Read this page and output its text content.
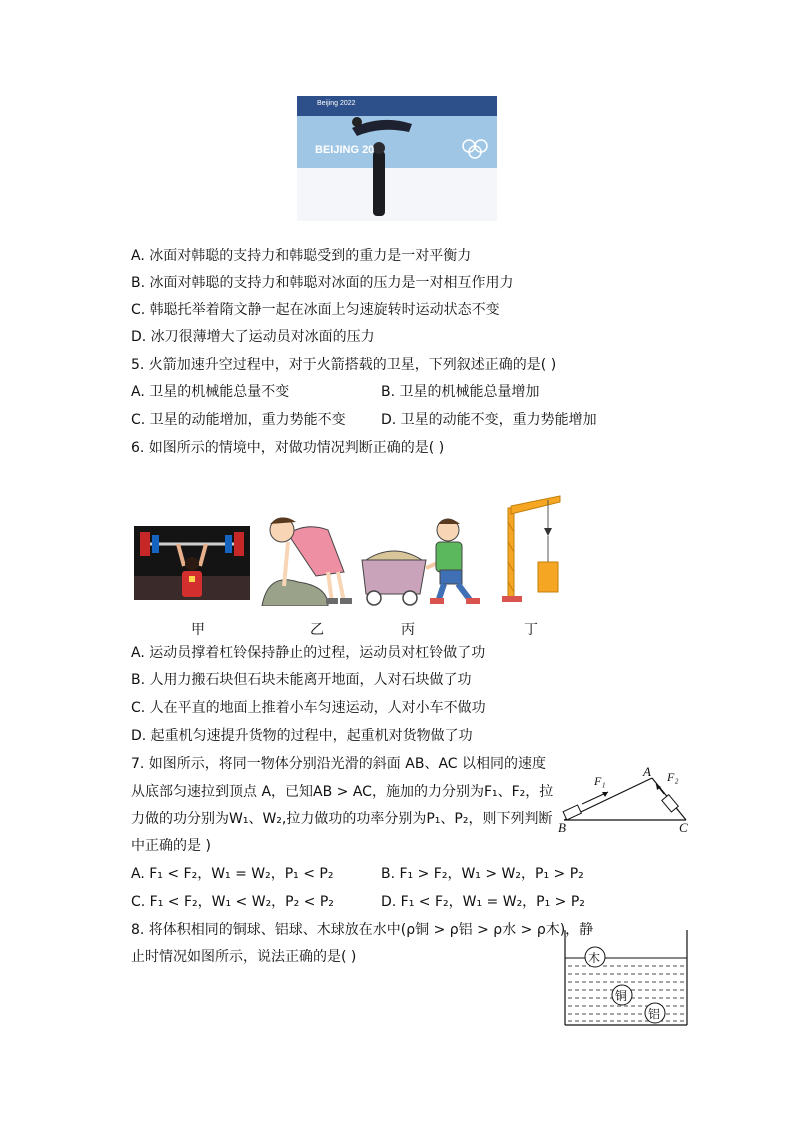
BEIJING 20
Beijing 2022
A. 冰面对韩聪的支持力和韩聪受到的重力是一对平衡力
B. 冰面对韩聪的支持力和韩聪对冰面的压力是一对相互作用力
C. 韩聪托举着隋文静一起在冰面上匀速旋转时运动状态不变
D. 冰刀很薄增大了运动员对冰面的压力
5. 火箭加速升空过程中，对于火箭搭载的卫星，下列叙述正确的是( )
A. 卫星的机械能总量不变	B. 卫星的机械能总量增加
C. 卫星的动能增加，重力势能不变	D. 卫星的动能不变，重力势能增加
6. 如图所示的情境中，对做功情况判断正确的是( )
甲	乙	丙	丁
A. 运动员撑着杠铃保持静止的过程，运动员对杠铃做了功
B. 人用力搬石块但石块未能离开地面，人对石块做了功
C. 人在平直的地面上推着小车匀速运动，人对小车不做功
D. 起重机匀速提升货物的过程中，起重机对货物做了功
7. 如图所示，将同一物体分别沿光滑的斜面 AB、AC 以相同的速度
从底部匀速拉到顶点 A，已知AB > AC，施加的力分别为F₁、F₂，拉
力做的功分别为W₁、W₂,拉力做功的功率分别为P₁、P₂，则下列判断
中正确的是 )
A
B	C
F₁	F₂
A. F₁ < F₂，W₁ = W₂，P₁ < P₂	B. F₁ > F₂，W₁ > W₂，P₁ > P₂
C. F₁ < F₂，W₁ < W₂，P₂ < P₂	D. F₁ < F₂，W₁ = W₂，P₁ > P₂
8. 将体积相同的铜球、铝球、木球放在水中(ρ铜 > ρ铝 > ρ水 > ρ木)，静
止时情况如图所示，说法正确的是( )	木
铜
铝
